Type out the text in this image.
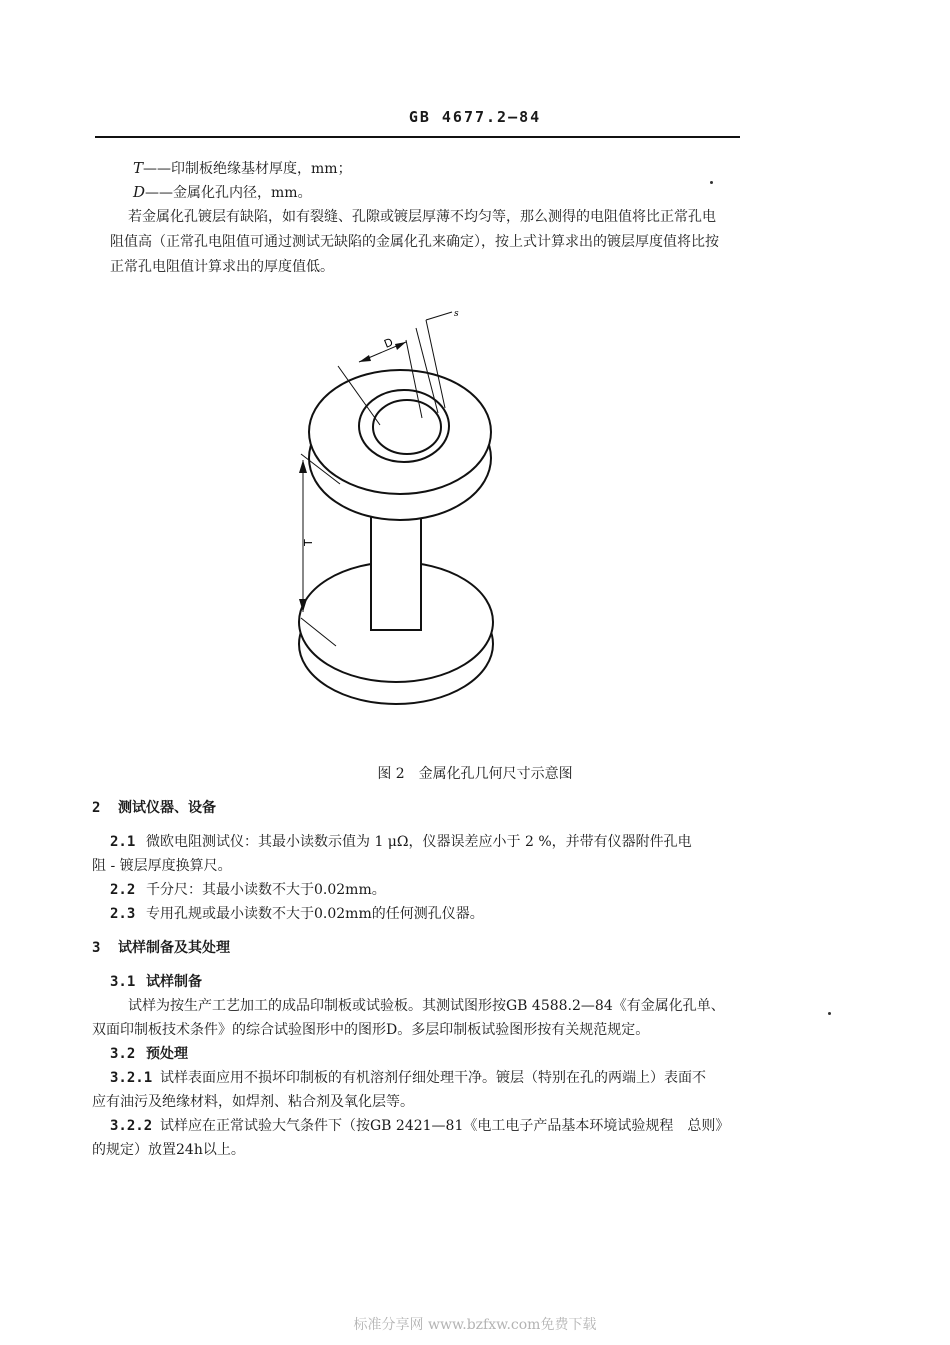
GB 4677.2—84
T——印制板绝缘基材厚度，mm；
D——金属化孔内径，mm。
若金属化孔镀层有缺陷，如有裂缝、孔隙或镀层厚薄不均匀等，那么测得的电阻值将比正常孔电
阻值高（正常孔电阻值可通过测试无缺陷的金属化孔来确定），按上式计算求出的镀层厚度值将比按
正常孔电阻值计算求出的厚度值低。
D
s
T
图 2　金属化孔几何尺寸示意图
2 测试仪器、设备
2.1 微欧电阻测试仪：其最小读数示值为 1 μΩ，仪器误差应小于 2 %，并带有仪器附件孔电
阻 - 镀层厚度换算尺。
2.2 千分尺：其最小读数不大于0.02mm。
2.3 专用孔规或最小读数不大于0.02mm的任何测孔仪器。
3 试样制备及其处理
3.1 试样制备
试样为按生产工艺加工的成品印制板或试验板。其测试图形按GB 4588.2—84《有金属化孔单、
双面印制板技术条件》的综合试验图形中的图形D。多层印制板试验图形按有关规范规定。
3.2 预处理
3.2.1 试样表面应用不损坏印制板的有机溶剂仔细处理干净。镀层（特别在孔的两端上）表面不
应有油污及绝缘材料，如焊剂、粘合剂及氧化层等。
3.2.2 试样应在正常试验大气条件下（按GB 2421—81《电工电子产品基本环境试验规程　总则》
的规定）放置24h以上。
标准分享网 www.bzfxw.com免费下载
